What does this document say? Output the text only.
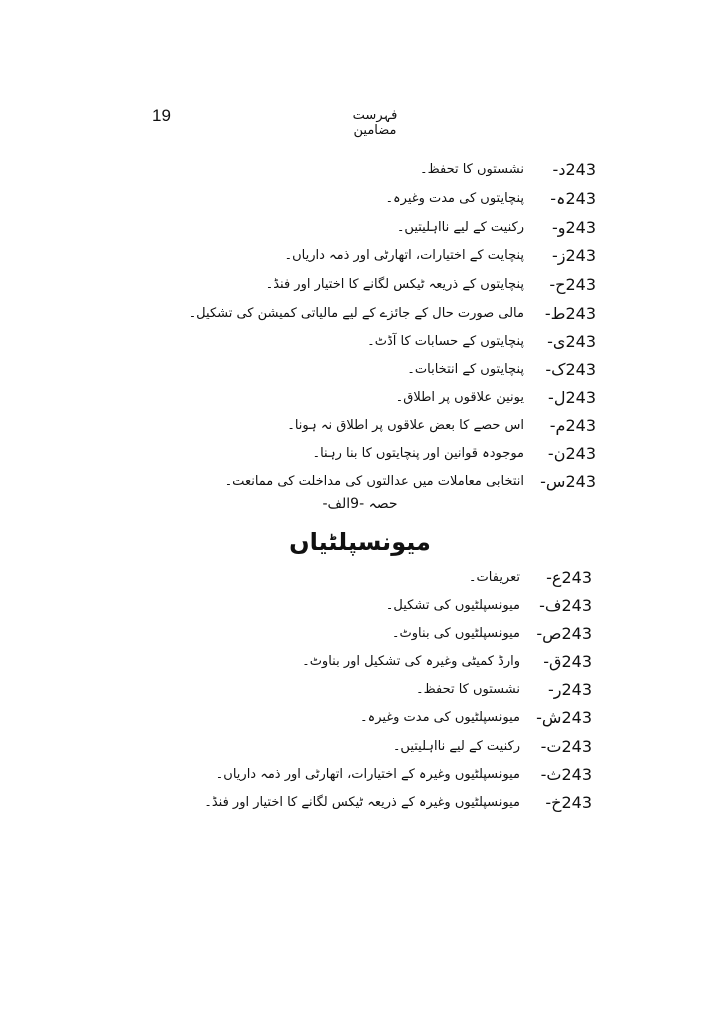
19	فہرست مضامین
243د-
نشستوں کا تحفظ۔
243ہ-
پنچایتوں کی مدت وغیرہ۔
243و-
رکنیت کے لیے نااہلیتیں۔
243ز-
پنچایت کے اختیارات، اتھارٹی اور ذمہ داریاں۔
243ح-
پنچایتوں کے ذریعہ ٹیکس لگانے کا اختیار اور فنڈ۔
243ط-
مالی صورت حال کے جائزے کے لیے مالیاتی کمیشن کی تشکیل۔
243ی-
پنچایتوں کے حسابات کا آڈٹ۔
243ک-
پنچایتوں کے انتخابات۔
243ل-
یونین علاقوں پر اطلاق۔
243م-
اس حصے کا بعض علاقوں پر اطلاق نہ ہونا۔
243ن-
موجودہ قوانین اور پنچایتوں کا بنا رہنا۔
243س-
انتخابی معاملات میں عدالتوں کی مداخلت کی ممانعت۔
حصہ -9الف-
میونسپلٹیاں
243ع-
تعریفات۔
243ف-
میونسپلٹیوں کی تشکیل۔
243ص-
میونسپلٹیوں کی بناوٹ۔
243ق-
وارڈ کمیٹی وغیرہ کی تشکیل اور بناوٹ۔
243ر-
نشستوں کا تحفظ۔
243ش-
میونسپلٹیوں کی مدت وغیرہ۔
243ت-
رکنیت کے لیے نااہلیتیں۔
243ث-
میونسپلٹیوں وغیرہ کے اختیارات، اتھارٹی اور ذمہ داریاں۔
243خ-
میونسپلٹیوں وغیرہ کے ذریعہ ٹیکس لگانے کا اختیار اور فنڈ۔
